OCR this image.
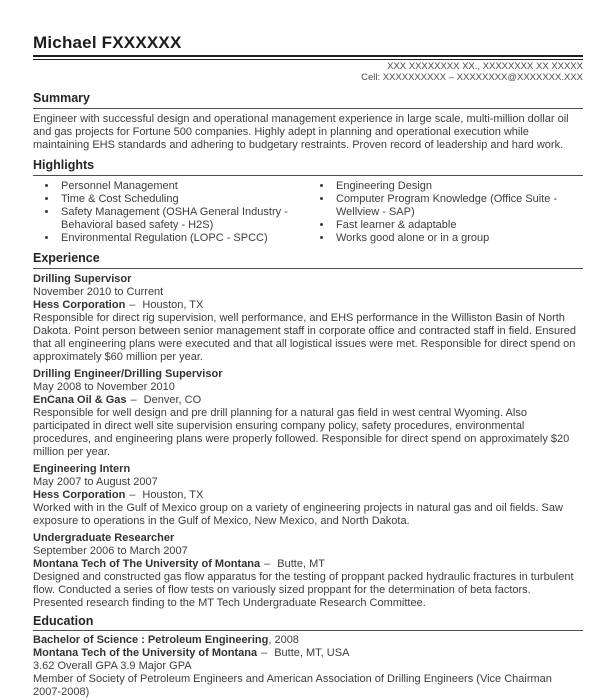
Michael FXXXXXX
XXX XXXXXXXX XX., XXXXXXXX XX XXXXX
Cell: XXXXXXXXXX – XXXXXXXX@XXXXXXX.XXX
Summary

Engineer with successful design and operational management experience in large scale, multi-million dollar oil and gas projects for Fortune 500 companies. Highly adept in planning and operational execution while maintaining EHS standards and adhering to budgetary restraints. Proven record of leadership and hard work.

Highlights
• Personnel Management
• Time & Cost Scheduling
• Safety Management (OSHA General Industry - Behavioral based safety - H2S)
• Environmental Regulation (LOPC - SPCC)
• Engineering Design
• Computer Program Knowledge (Office Suite - Wellview - SAP)
• Fast learner & adaptable
• Works good alone or in a group
Experience
Drilling Supervisor
November 2010 to Current
Hess Corporation – Houston, TX

Responsible for direct rig supervision, well performance, and EHS performance in the Williston Basin of North Dakota. Point person between senior management staff in corporate office and contracted staff in field. Ensured that all engineering plans were executed and that all logistical issues were met. Responsible for direct spend on approximately $60 million per year.

Drilling Engineer/Drilling Supervisor
May 2008 to November 2010
EnCana Oil & Gas – Denver, CO

Responsible for well design and pre drill planning for a natural gas field in west central Wyoming. Also participated in direct well site supervision ensuring company policy, safety procedures, environmental procedures, and engineering plans were properly followed. Responsible for direct spend on approximately $20 million per year.

Engineering Intern
May 2007 to August 2007
Hess Corporation – Houston, TX

Worked with in the Gulf of Mexico group on a variety of engineering projects in natural gas and oil fields. Saw exposure to operations in the Gulf of Mexico, New Mexico, and North Dakota.

Undergraduate Researcher
September 2006 to March 2007
Montana Tech of The University of Montana – Butte, MT

Designed and constructed gas flow apparatus for the testing of proppant packed hydraulic fractures in turbulent flow. Conducted a series of flow tests on variously sized proppant for the determination of beta factors. Presented research finding to the MT Tech Undergraduate Research Committee.

Education
Bachelor of Science : Petroleum Engineering, 2008
Montana Tech of the University of Montana – Butte, MT, USA
3.62 Overall GPA 3.9 Major GPA
Member of Society of Petroleum Engineers and American Association of Drilling Engineers (Vice Chairman 2007-2008)
